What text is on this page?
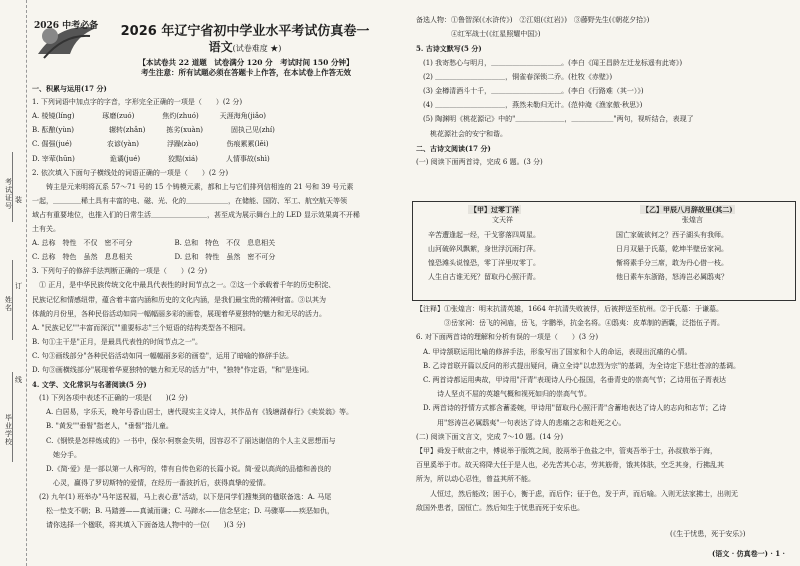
考试证号
装
姓名
订
毕业学校
线
2026 中考必备	2026 年辽宁省初中学业水平考试仿真卷一
语文(试卷难度 ★)
【本试卷共 22 道题　试卷满分 120 分　考试时间 150 分钟】
考生注意：所有试题必须在答题卡上作答，在本试卷上作答无效
一、积累与运用(17 分)
1. 下列词语中加点字的字音，字形完全正确的一项是（　　）(2 分)
A. 棱镜(líng)　　　　琢磨(zuó)　　　　焦灼(zhuó)　　　天涯海角(jiǎo)
B. 酝酿(yùn)　　　　　辗转(zhǎn)　　　拣劣(xuàn)　　　　固执己见(zhí)
C. 倔强(jué)　　　　　农谚(yàn)　　　　浮躁(zào)　　　　伤痕累累(lěi)
D. 宰荤(hūn)　　　　　诡谲(jué)　　　　狡黠(xiá)　　　　人情事故(shì)
2. 依次填入下面句子横线处的词语正确的一项是（　　）(2 分)
　　铸主是元来明将瓦系 57～71 号的 15 个铸模元素，都和上与它们排列信相连的 21 号和 39 号元素
一起，＿＿＿＿稀土具有丰富的电、磁、光、化的＿＿＿＿＿＿，在储能、国防、军工、航空航天等领
域占有重要地位，也推入们的日常生活＿＿＿＿＿＿＿＿，甚至成为展示舞台上的 LED 显示效果离不开稀
土有关。
A. 总称　特性　不仅　密不可分　　　　　　B. 总和　特色　不仅　息息相关
C. 总称　特色　虽然　息息相关　　　　　　D. 总和　特性　虽然　密不可分
3. 下列句子的修辞手法判断正确的一项是（　　）(2 分)
　① 正月，是中华民族传统文化中最具代表性的时间节点之一。②这一个承载着千年的历史积淀、
民族记忆和情感纽带，蕴含着丰富内涵和历史的文化内涵，是我们最宝贵的精神财富。③以其为
体裁的月份里，各种民俗活动如同一幅幅丽多彩的画卷，展现着华夏独特的魅力和无尽的活力。
A. "民族记忆""丰富而深沉""重要标志"三个短语的结构类型各不相同。
B. 句①主干是"正月，是最具代表性的时间节点之一"。
C. 句③画线部分"各种民俗活动如同一幅幅丽多彩的画卷"，运用了暗喻的修辞手法。
D. 句③画横线部分"展现着华夏独特的魅力和无尽的活力"中，"独特"作定语，"和"是连词。
4. 文学、文化常识与名著阅读(5 分)
　(1) 下列各项中表述不正确的一项是(　　)(2 分)
　　A. 白居易，字乐天，晚年号香山居士，唐代现实主义诗人，其作品有《钱塘湖春行》《卖炭翁》等。
　　B. "黄发""垂髫"指老人，"垂髫"指儿童。
　　C.《钢铁是怎样炼成的》一书中，保尔·柯察金失明，因容忍不了丽达谢信的个人主义思想而与
　　　她分手。
　　D.《简·爱》是一部以第一人称写的，带有自传色彩的长篇小说。简·爱以高尚的品德和善良的
　　　心灵，赢得了罗切斯特的爱情，在经历一番波折后，获得真挚的爱情。
　(2) 九年(1) 班举办"马年送祝福，马上表心意"活动，以下是同学们搜集到的楹联备选：A. 马尾
　　松一垫支不朝；B. 马踏莲——真诚而谦；C. 马蹄水——信念坚定；D. 马骤辜——疾恶如仇，
　　请你选择一个楹联，将其填入下面备选人物中的一位(　　)(3 分)
备选人物：①鲁智深(《水浒传》)　②江姐(《红岩》)　③藤野先生(《朝花夕拾》)
　　　　　④红军战士(《红星照耀中国》)
5. 古诗文默写(5 分)
　(1) 我寄愁心与明月，＿＿＿＿＿＿＿＿＿＿。(李白《闻王昌龄左迁龙标遥有此寄》)
　(2) ＿＿＿＿＿＿＿＿＿＿，铜雀春深锁二乔。(杜牧《赤壁》)
　(3) 金樽清酒斗十千，＿＿＿＿＿＿＿＿＿＿。(李白《行路难（其一）》)
　(4) ＿＿＿＿＿＿＿＿＿＿，燕然未勒归无计。(范仲淹《渔家傲·秋思》)
　(5) 陶渊明《桃花源记》中的"＿＿＿＿＿＿＿，＿＿＿＿＿＿"两句，视听结合，表现了
　　桃花源社会的安宁和谐。
二、古诗文阅读(17 分)
(一) 阅读下面两首诗，完成 6 题。(3 分)
【注释】①张煌言：明末抗清英雄，1664 年抗清失败被俘，后被押送至杭州。②于氏墓：于谦墓。
　　　　③岳家祠：岳飞的祠庙，岳飞，字鹏举，抗金名将。④鸱夷：皮革制的酒囊，泛指伍子胥。
6. 对下面两首诗的理解和分析有误的一项是（　　）(3 分)
　A. 甲诗颔联运用比喻的修辞手法，形象写出了国家和个人的命运，表现出沉痛的心情。
　B. 乙诗首联开篇以反问的形式提出疑问，确立全诗"以忠烈为宗"的基调，为全诗定下悲壮苍凉的基调。
　C. 两首诗都运用典故，甲诗用"汗青"表现诗人丹心报国，名垂青史的崇高气节；乙诗用伍子胥表达
　　　诗人坚贞不屈的英雄气概和视死如归的崇高气节。
　D. 两首诗的抒情方式都含蓄委婉，甲诗用"留取丹心照汗青"含蓄地表达了诗人的志向和志节；乙诗
　　　用"怒涛岂必属鸱夷"一句表达了诗人的悲痛之志和赴死之心。
(二) 阅读下面文言文，完成 7～10 题。(14 分)
【甲】舜发于畎亩之中，傅说举于版筑之间，胶鬲举于鱼盐之中，管夷吾举于士，孙叔敖举于海，
百里奚举于市。故天将降大任于是人也，必先苦其心志，劳其筋骨，饿其体肤，空乏其身，行拂乱其
所为，所以动心忍性，曾益其所不能。
　　人恒过，然后能改；困于心，衡于虑，而后作；征于色，发于声，而后喻。入则无法家拂士，出则无
敌国外患者，国恒亡。然后知生于忧患而死于安乐也。
【甲】过零丁洋
文天祥
【乙】甲辰八月辞故里(其二)
张煌言
辛苦遭逢起一经，干戈寥落四周星。
山河破碎风飘絮，身世浮沉雨打萍。
惶恐滩头说惶恐，零丁洋里叹零丁。
人生自古谁无死？留取丹心照汗青。
国亡家破欲何之？西子湖头有我师。
日月双悬于氏墓，乾坤半壁岳家祠。
惭将素手分三席，敢为丹心借一枝。
他日素车东浙路，怒涛岂必属鸱夷？
(《生于忧患，死于安乐》)
(语文 · 仿真卷一) · 1 ·
